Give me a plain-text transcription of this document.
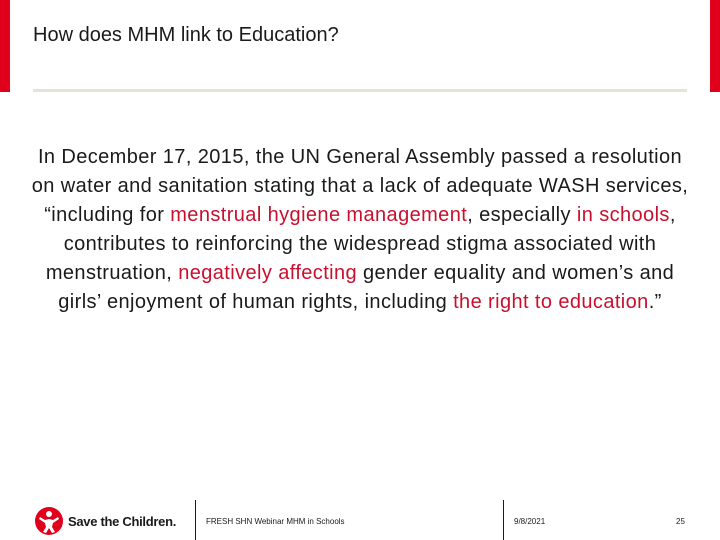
How does MHM link to Education?
In December 17, 2015, the UN General Assembly passed a resolution on water and sanitation stating that a lack of adequate WASH services, “including for menstrual hygiene management, especially in schools, contributes to reinforcing the widespread stigma associated with menstruation, negatively affecting gender equality and women’s and girls’ enjoyment of human rights, including the right to education.”
Save the Children.	FRESH SHN Webinar MHM in Schools	9/8/2021	25
